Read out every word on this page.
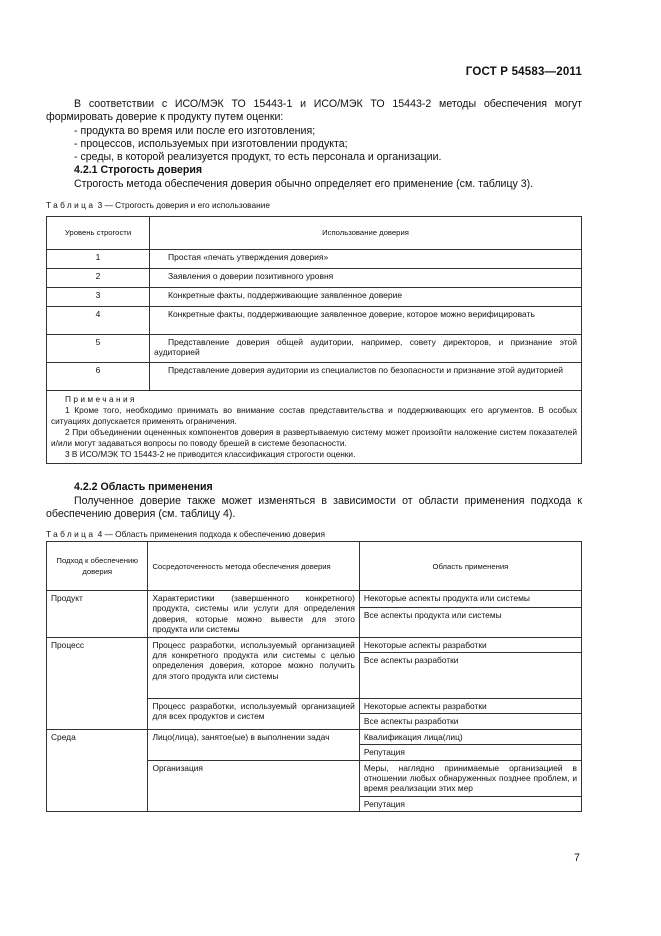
ГОСТ Р 54583—2011
В соответствии с ИСО/МЭК ТО 15443-1 и ИСО/МЭК ТО 15443-2 методы обеспечения могут формировать доверие к продукту путем оценки:
- продукта во время или после его изготовления;
- процессов, используемых при изготовлении продукта;
- среды, в которой реализуется продукт, то есть персонала и организации.
4.2.1 Строгость доверия
Строгость метода обеспечения доверия обычно определяет его применение (см. таблицу 3).
Таблица 3 — Строгость доверия и его использование
Уровень строгости	Использование доверия
1	Простая «печать утверждения доверия»
2	Заявления о доверии позитивного уровня
3	Конкретные факты, поддерживающие заявленное доверие
4	Конкретные факты, поддерживающие заявленное доверие, которое можно верифицировать
5	Представление доверия общей аудитории, например, совету директоров, и признание этой аудиторией
6	Представление доверия аудитории из специалистов по безопасности и признание этой аудиторией

Примечания

1 Кроме того, необходимо принимать во внимание состав представительства и поддерживающих его аргументов. В особых ситуациях допускается применять ограничения.

2 При объединении оцененных компонентов доверия в развертываемую систему может произойти наложение систем показателей и/или могут задаваться вопросы по поводу брешей в системе безопасности.

3 В ИСО/МЭК ТО 15443-2 не приводится классификация строгости оценки.	

4.2.2 Область применения
Полученное доверие также может изменяться в зависимости от области применения подхода к обеспечению доверия (см. таблицу 4).
Таблица 4 — Область применения подхода к обеспечению доверия
Подход к обеспечению доверия	Сосредоточенность метода обеспечения доверия	Область применения
Продукт	Характеристики (завершенного конкретного) продукта, системы или услуги для определения доверия, которые можно вывести для этого продукта или системы	Некоторые аспекты продукта или системы
		Все аспекты продукта или системы
Процесс	Процесс разработки, используемый организацией для конкретного продукта или системы с целью определения доверия, которое можно получить для этого продукта или системы	Некоторые аспекты разработки
		Все аспекты разработки
	Процесс разработки, используемый организацией для всех продуктов и систем	Некоторые аспекты разработки
		Все аспекты разработки
Среда	Лицо(лица), занятое(ые) в выполнении задач	Квалификация лица(лиц)
		Репутация
	Организация	Меры, наглядно принимаемые организацией в отношении любых обнаруженных позднее проблем, и время реализации этих мер
		Репутация
7
